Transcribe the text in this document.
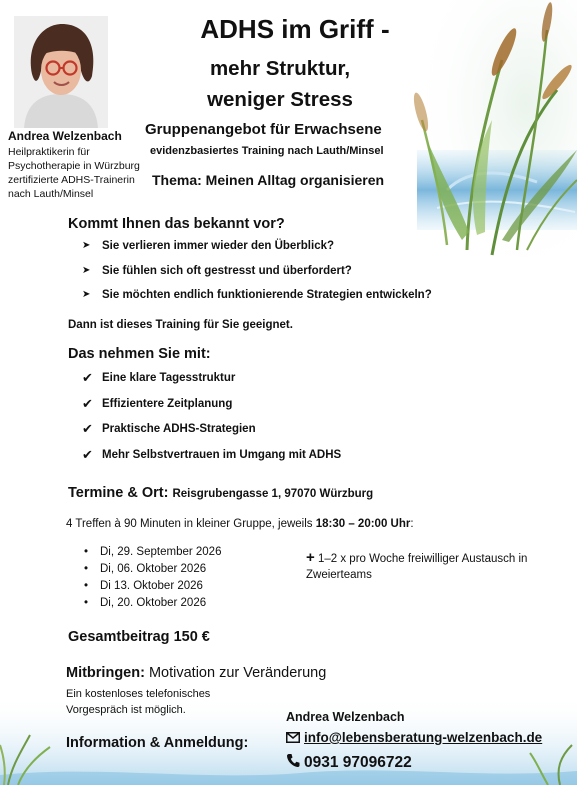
Andrea Welzenbach
Heilpraktikerin für
Psychotherapie in Würzburg
zertifizierte ADHS-Trainerin
nach Lauth/Minsel
ADHS im Griff -
mehr Struktur,
weniger Stress
Gruppenangebot für Erwachsene
evidenzbasiertes Training nach Lauth/Minsel
Thema: Meinen Alltag organisieren
Kommt Ihnen das bekannt vor?
➤ Sie verlieren immer wieder den Überblick?
➤ Sie fühlen sich oft gestresst und überfordert?
➤ Sie möchten endlich funktionierende Strategien entwickeln?
Dann ist dieses Training für Sie geeignet.
Das nehmen Sie mit:
✔ Eine klare Tagesstruktur
✔ Effizientere Zeitplanung
✔ Praktische ADHS-Strategien
✔ Mehr Selbstvertrauen im Umgang mit ADHS
Termine & Ort: Reisgrubengasse 1, 97070 Würzburg
4 Treffen à 90 Minuten in kleiner Gruppe, jeweils 18:30 – 20:00 Uhr:
• Di, 29. September 2026
• Di, 06. Oktober 2026
• Di 13. Oktober 2026
• Di, 20. Oktober 2026
+ 1–2 x pro Woche freiwilliger Austausch in Zweierteams
Gesamtbeitrag 150 €
Mitbringen: Motivation zur Veränderung
Ein kostenloses telefonisches
Vorgespräch ist möglich.
Information & Anmeldung:
Andrea Welzenbach
info@lebensberatung-welzenbach.de
0931 97096722
